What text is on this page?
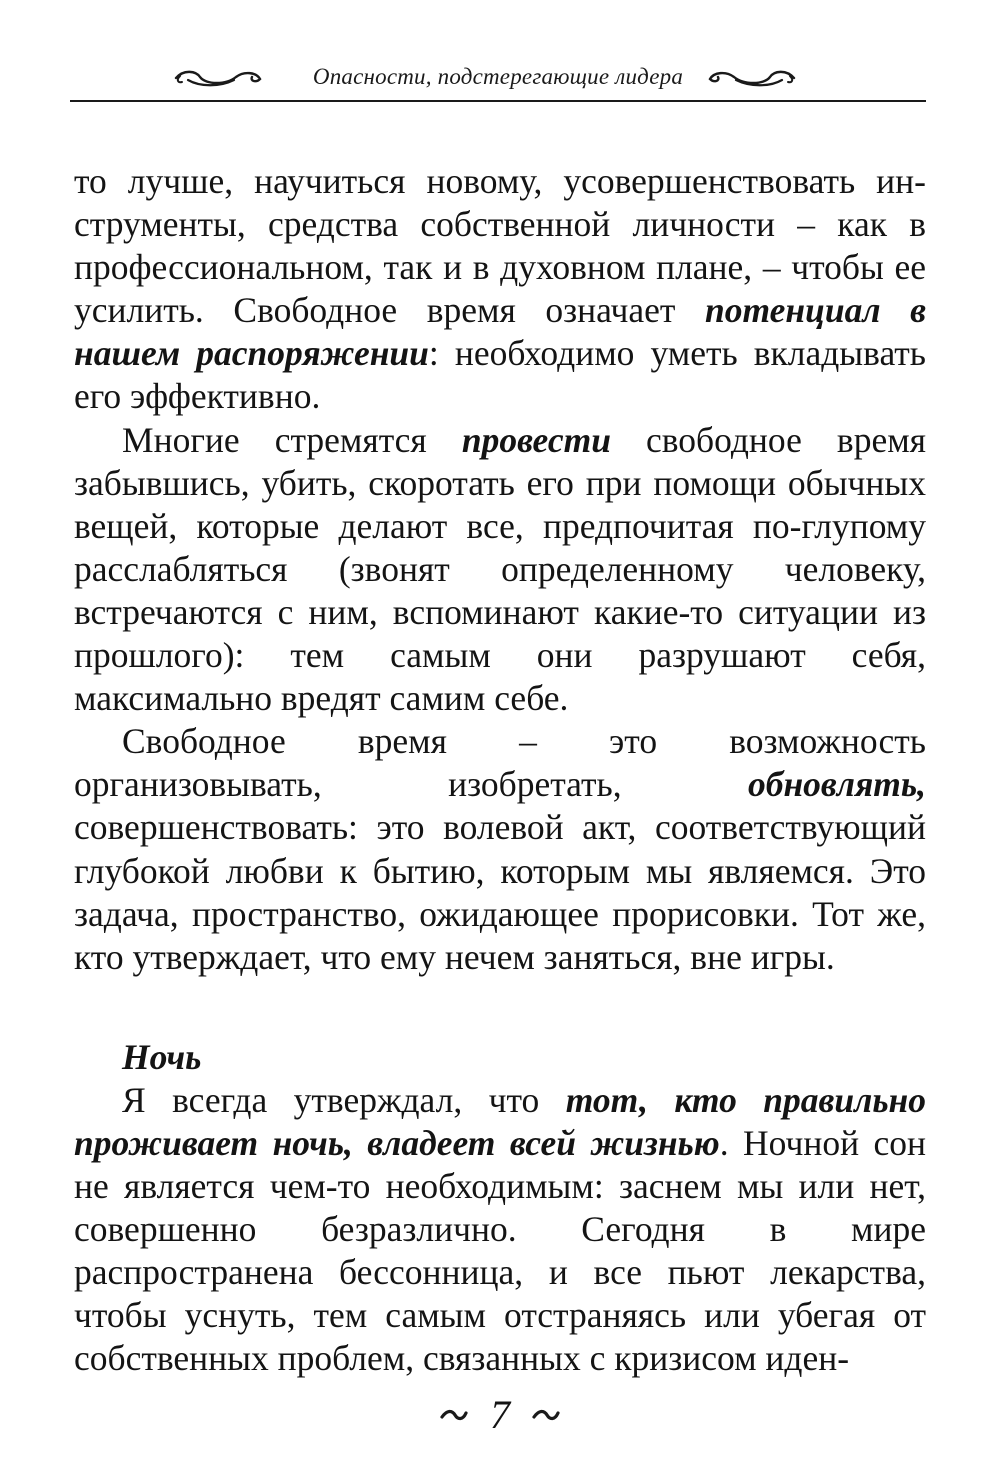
Опасности, подстерегающие лидера

то лучше, научиться новому, усовершенствовать инструменты, средства собственной личности – как в профессиональном, так и в духовном плане, – чтобы ее усилить. Свободное время означает потенциал в нашем распоряжении: необходимо уметь вкладывать его эффективно.

Многие стремятся провести свободное время забывшись, убить, скоротать его при помощи обычных вещей, которые делают все, предпочитая по-глупому расслабляться (звонят определенному человеку, встречаются с ним, вспоминают какие-то ситуации из прошлого): тем самым они разрушают себя, максимально вредят самим себе.

Свободное время – это возможность организовывать, изобретать, обновлять, совершенствовать: это волевой акт, соответствующий глубокой любви к бытию, которым мы являемся. Это задача, пространство, ожидающее прорисовки. Тот же, кто утверждает, что ему нечем заняться, вне игры.

Ночь

Я всегда утверждал, что тот, кто правильно проживает ночь, владеет всей жизнью. Ночной сон не является чем-то необходимым: заснем мы или нет, совершенно безразлично. Сегодня в мире распространена бессонница, и все пьют лекарства, чтобы уснуть, тем самым отстраняясь или убегая от собственных проблем, связанных с кризисом иден-

7
